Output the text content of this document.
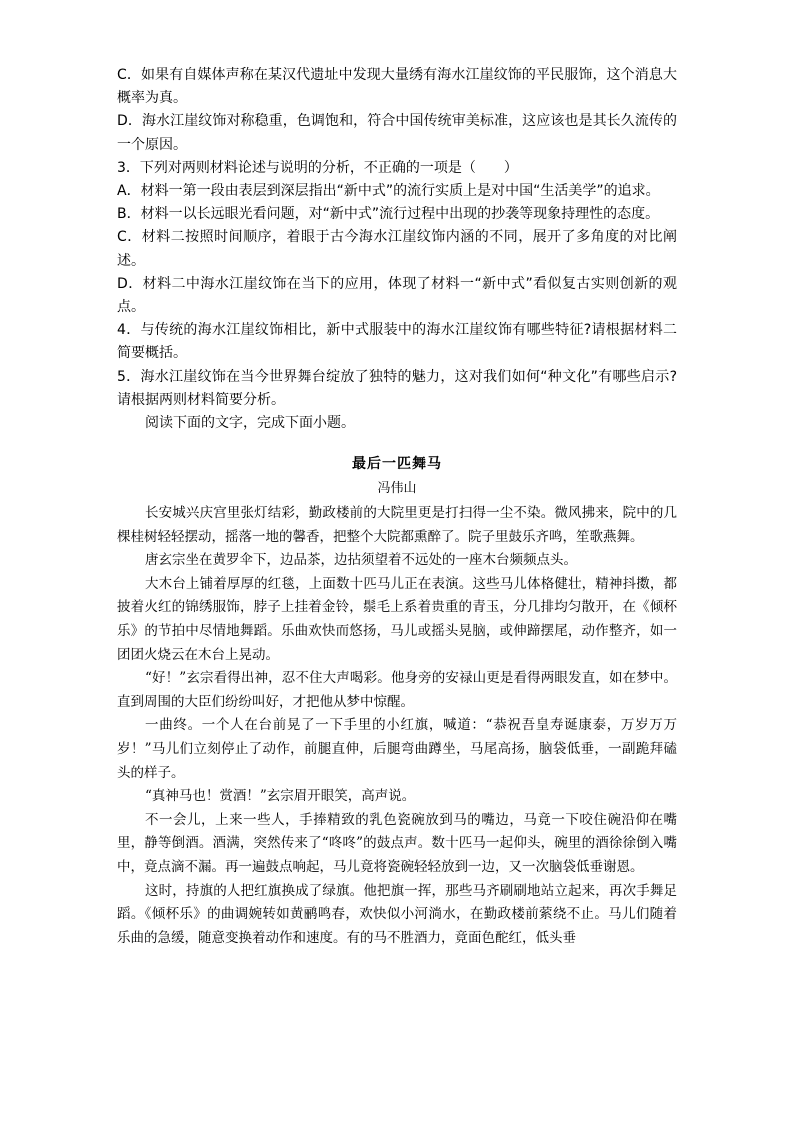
C．如果有自媒体声称在某汉代遗址中发现大量绣有海水江崖纹饰的平民服饰，这个消息大概率为真。

D．海水江崖纹饰对称稳重，色调饱和，符合中国传统审美标准，这应该也是其长久流传的一个原因。

3．下列对两则材料论述与说明的分析，不正确的一项是（　　）

A．材料一第一段由表层到深层指出“新中式”的流行实质上是对中国“生活美学”的追求。

B．材料一以长远眼光看问题，对“新中式”流行过程中出现的抄袭等现象持理性的态度。

C．材料二按照时间顺序，着眼于古今海水江崖纹饰内涵的不同，展开了多角度的对比阐述。

D．材料二中海水江崖纹饰在当下的应用，体现了材料一“新中式”看似复古实则创新的观点。

4．与传统的海水江崖纹饰相比，新中式服装中的海水江崖纹饰有哪些特征?请根据材料二简要概括。

5．海水江崖纹饰在当今世界舞台绽放了独特的魅力，这对我们如何“种文化”有哪些启示?请根据两则材料简要分析。

阅读下面的文字，完成下面小题。

最后一匹舞马
冯伟山

长安城兴庆宫里张灯结彩，勤政楼前的大院里更是打扫得一尘不染。微风拂来，院中的几棵桂树轻轻摆动，摇落一地的馨香，把整个大院都熏醉了。院子里鼓乐齐鸣，笙歌燕舞。

唐玄宗坐在黄罗伞下，边品茶，边拈须望着不远处的一座木台频频点头。

大木台上铺着厚厚的红毯，上面数十匹马儿正在表演。这些马儿体格健壮，精神抖擞，都披着火红的锦绣服饰，脖子上挂着金铃，鬃毛上系着贵重的青玉，分几排均匀散开，在《倾杯乐》的节拍中尽情地舞蹈。乐曲欢快而悠扬，马儿或摇头晃脑，或伸蹄摆尾，动作整齐，如一团团火烧云在木台上晃动。

“好！”玄宗看得出神，忍不住大声喝彩。他身旁的安禄山更是看得两眼发直，如在梦中。直到周围的大臣们纷纷叫好，才把他从梦中惊醒。

一曲终。一个人在台前晃了一下手里的小红旗，喊道：“恭祝吾皇寿诞康泰，万岁万万岁！”马儿们立刻停止了动作，前腿直伸，后腿弯曲蹲坐，马尾高扬，脑袋低垂，一副跪拜磕头的样子。

“真神马也！赏酒！”玄宗眉开眼笑，高声说。

不一会儿，上来一些人，手捧精致的乳色瓷碗放到马的嘴边，马竟一下咬住碗沿仰在嘴里，静等倒酒。酒满，突然传来了“咚咚”的鼓点声。数十匹马一起仰头，碗里的酒徐徐倒入嘴中，竟点滴不漏。再一遍鼓点响起，马儿竟将瓷碗轻轻放到一边，又一次脑袋低垂谢恩。

这时，持旗的人把红旗换成了绿旗。他把旗一挥，那些马齐刷刷地站立起来，再次手舞足蹈。《倾杯乐》的曲调婉转如黄鹂鸣春，欢快似小河淌水，在勤政楼前萦绕不止。马儿们随着乐曲的急缓，随意变换着动作和速度。有的马不胜酒力，竟面色酡红，低头垂
